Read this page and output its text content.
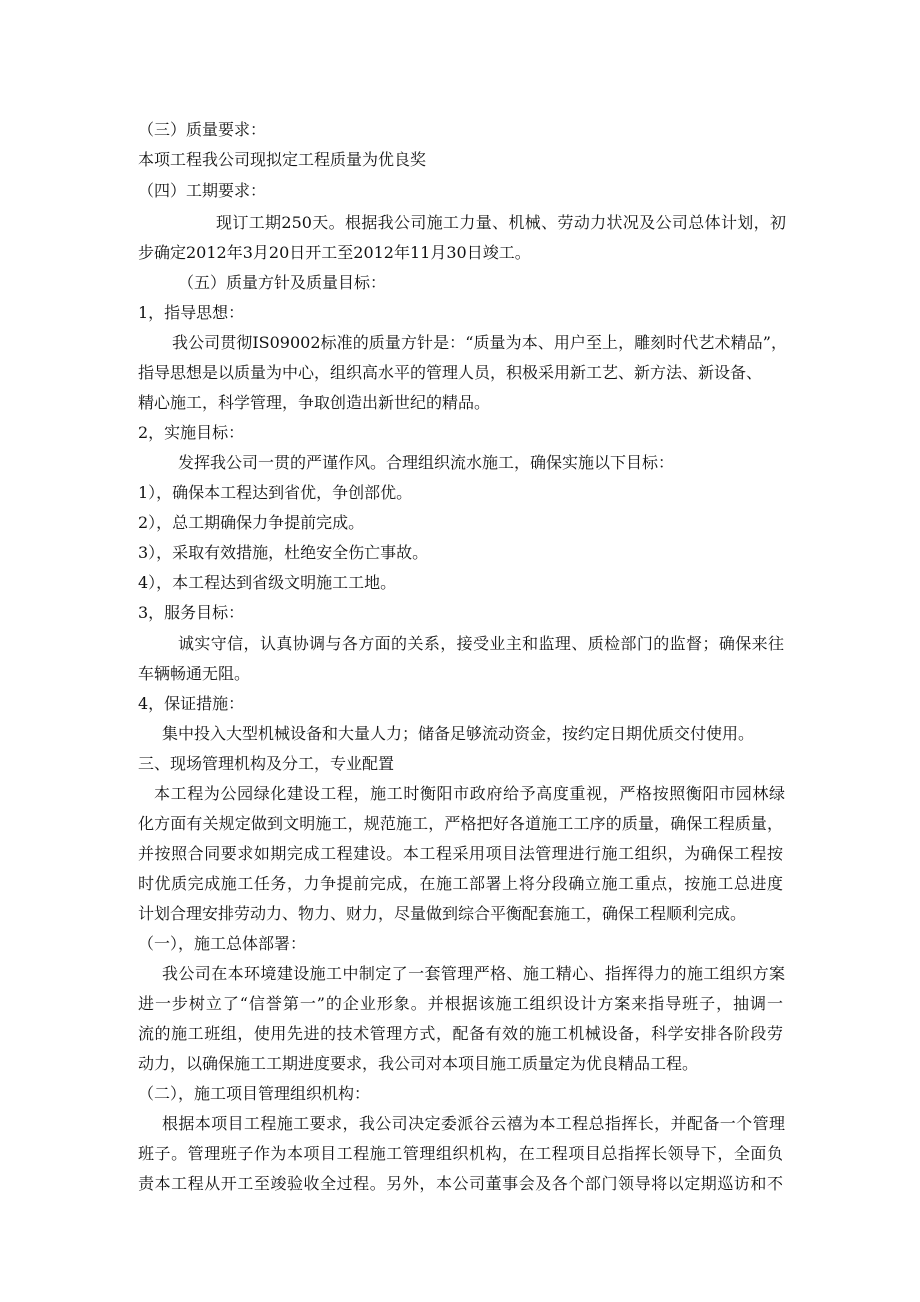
（三）质量要求：
本项工程我公司现拟定工程质量为优良奖
（四）工期要求：
现订工期250天。根据我公司施工力量、机械、劳动力状况及公司总体计划，初
步确定2012年3月20日开工至2012年11月30日竣工。
（五）质量方针及质量目标：
1，指导思想：
我公司贯彻IS09002标准的质量方针是：“质量为本、用户至上，雕刻时代艺术精品”，
指导思想是以质量为中心，组织高水平的管理人员，积极采用新工艺、新方法、新设备、
精心施工，科学管理，争取创造出新世纪的精品。
2，实施目标：
发挥我公司一贯的严谨作风。合理组织流水施工，确保实施以下目标：
1），确保本工程达到省优，争创部优。
2），总工期确保力争提前完成。
3），采取有效措施，杜绝安全伤亡事故。
4），本工程达到省级文明施工工地。
3，服务目标：
诚实守信，认真协调与各方面的关系，接受业主和监理、质检部门的监督；确保来往
车辆畅通无阻。
4，保证措施：
集中投入大型机械设备和大量人力；储备足够流动资金，按约定日期优质交付使用。
三、现场管理机构及分工，专业配置
本工程为公园绿化建设工程，施工时衡阳市政府给予高度重视，严格按照衡阳市园林绿
化方面有关规定做到文明施工，规范施工，严格把好各道施工工序的质量，确保工程质量，
并按照合同要求如期完成工程建设。本工程采用项目法管理进行施工组织，为确保工程按
时优质完成施工任务，力争提前完成，在施工部署上将分段确立施工重点，按施工总进度
计划合理安排劳动力、物力、财力，尽量做到综合平衡配套施工，确保工程顺利完成。
（一），施工总体部署：
我公司在本环境建设施工中制定了一套管理严格、施工精心、指挥得力的施工组织方案
进一步树立了“信誉第一”的企业形象。并根据该施工组织设计方案来指导班子，抽调一
流的施工班组，使用先进的技术管理方式，配备有效的施工机械设备，科学安排各阶段劳
动力，以确保施工工期进度要求，我公司对本项目施工质量定为优良精品工程。
（二），施工项目管理组织机构：
根据本项目工程施工要求，我公司决定委派谷云禧为本工程总指挥长，并配备一个管理
班子。管理班子作为本项目工程施工管理组织机构，在工程项目总指挥长领导下，全面负
责本工程从开工至竣验收全过程。另外，本公司董事会及各个部门领导将以定期巡访和不
